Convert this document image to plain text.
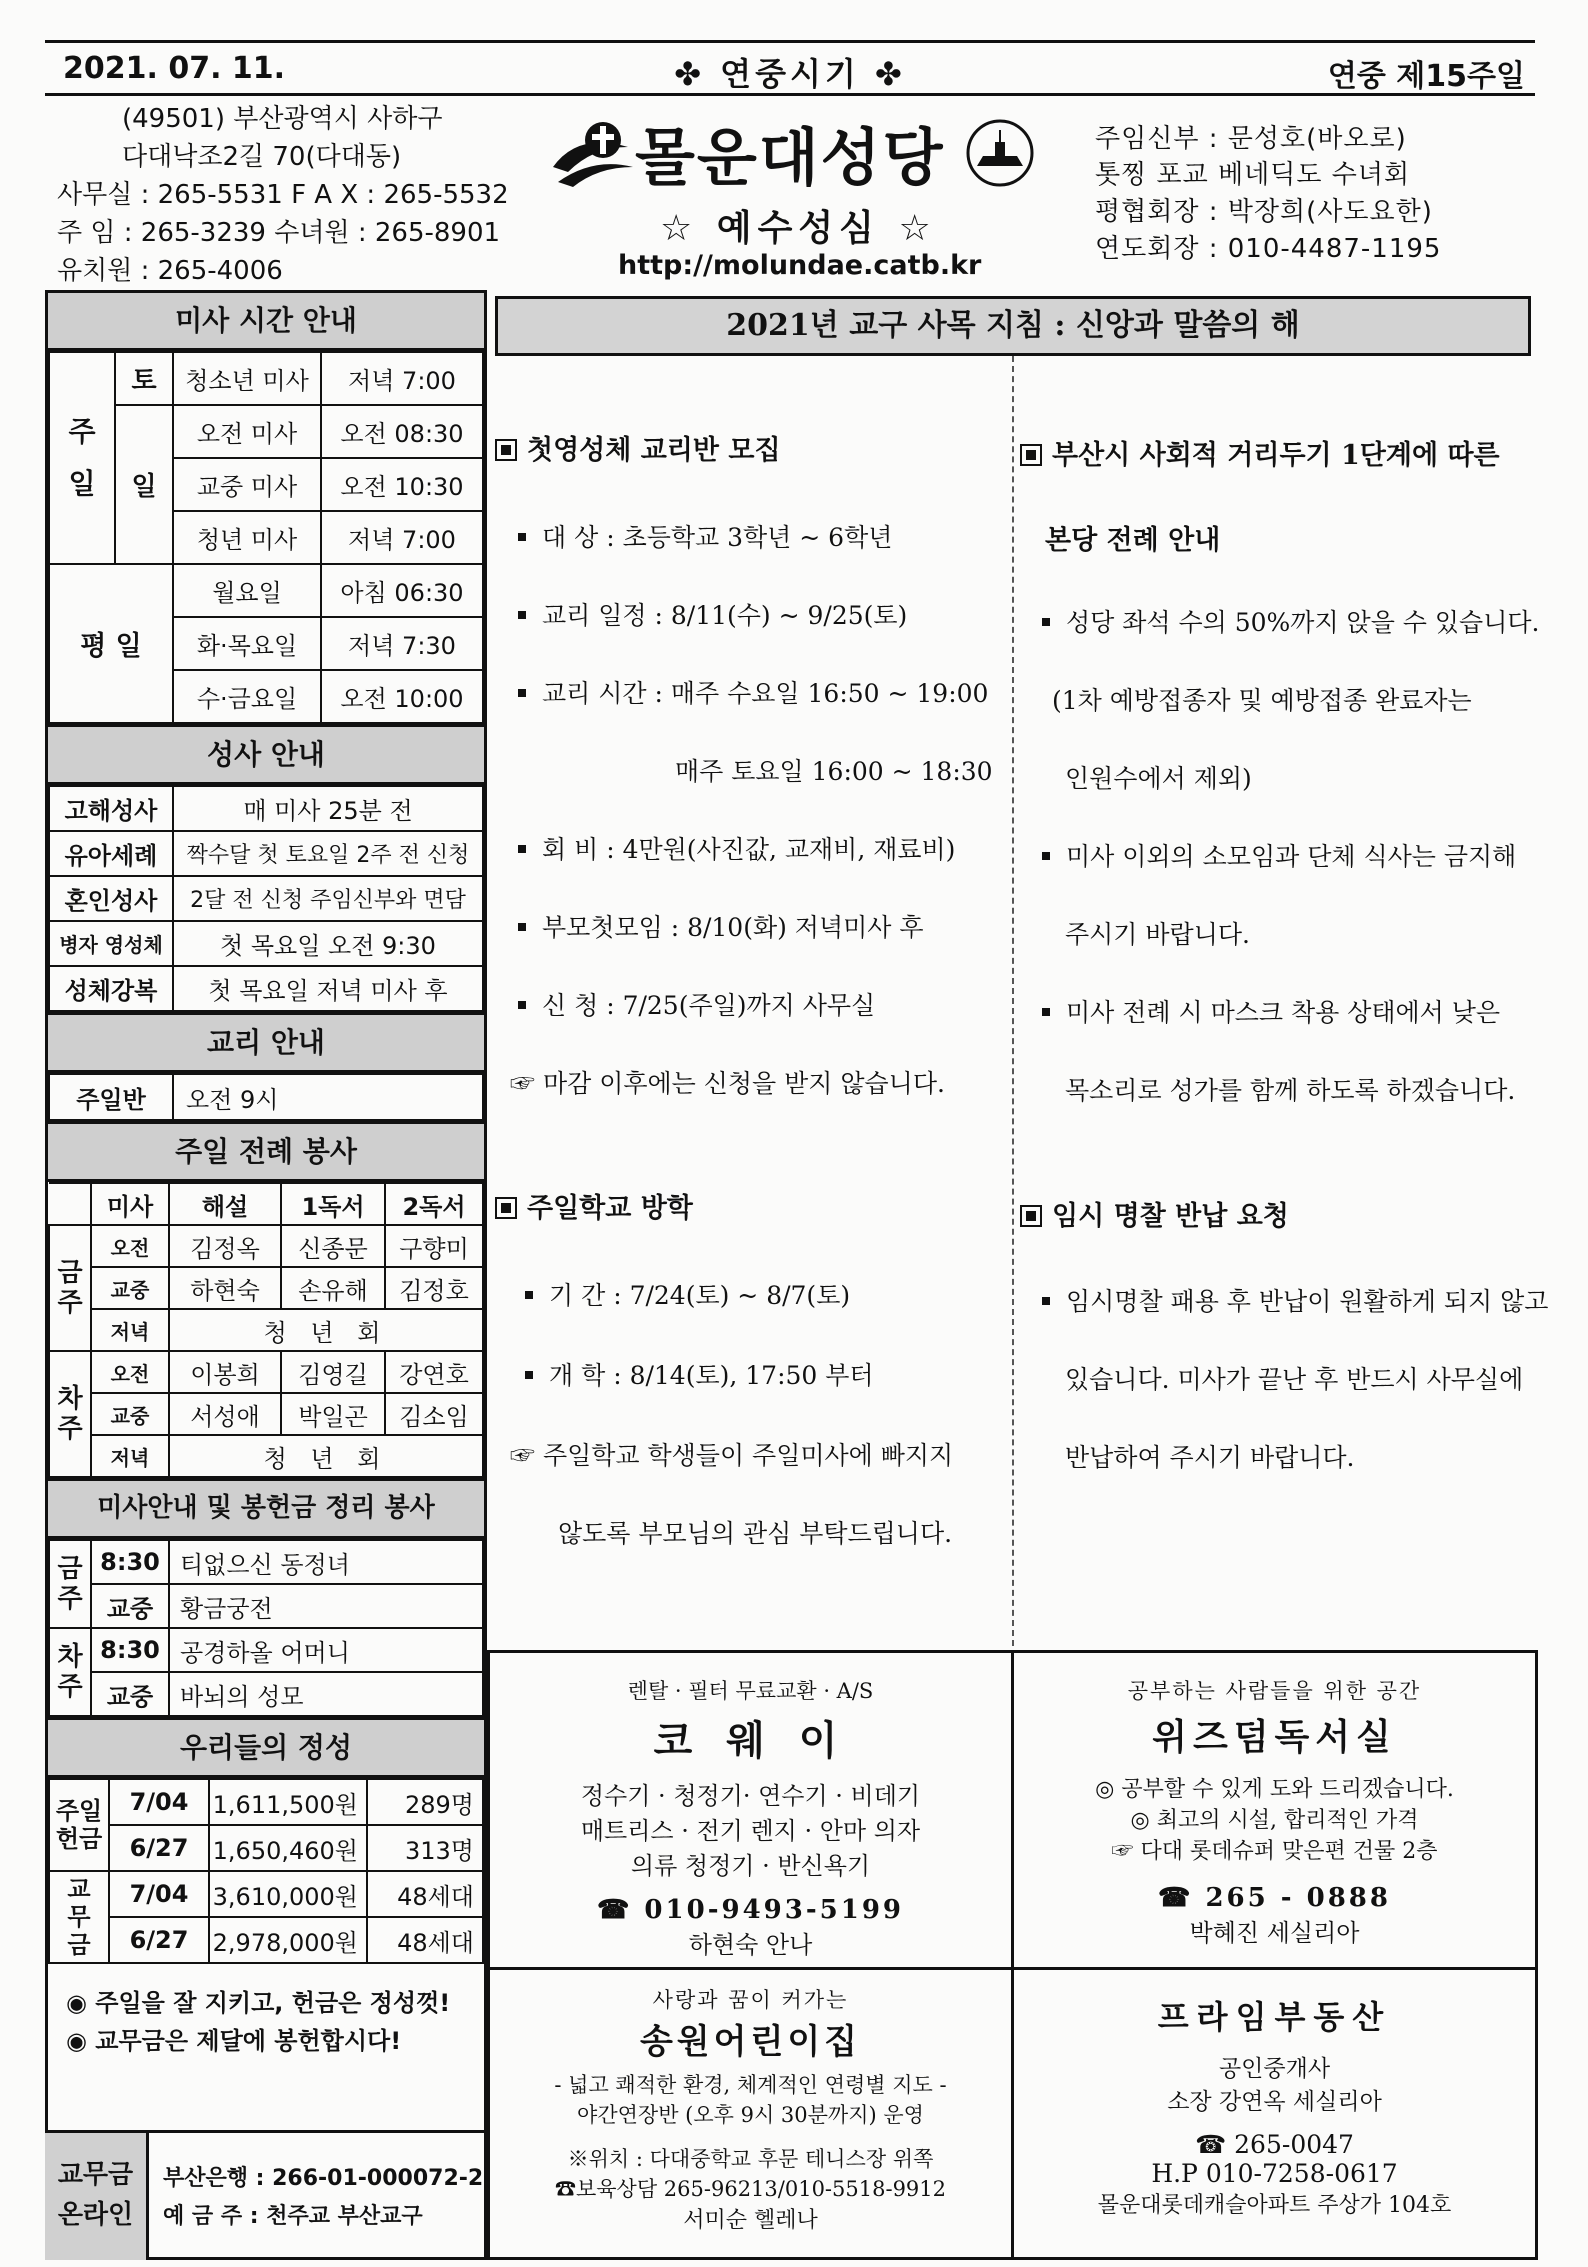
2021. 07. 11.	✤ 연중시기 ✤	연중 제15주일
(49501) 부산광역시 사하구
다대낙조2길 70(다대동)
사무실 : 265-5531 F A X : 265-5532
주 임 : 265-3239 수녀원 : 265-8901
유치원 : 265-4006
몰운대성당
☆ 예수성심 ☆
http://molundae.catb.kr
주임신부 : 문성호(바오로)
톳찡 포교 베네딕도 수녀회
평협회장 : 박장희(사도요한)
연도회장 : 010-4487-1195
미사 시간 안내
주
일	토	청소년 미사	저녁 7:00
	일	오전 미사	오전 08:30
		교중 미사	오전 10:30
		청년 미사	저녁 7:00
평 일		월요일	아침 06:30
		화·목요일	저녁 7:30
		수·금요일	오전 10:00
성사 안내
고해성사	매 미사 25분 전
유아세례	짝수달 첫 토요일 2주 전 신청
혼인성사	2달 전 신청 주임신부와 면담
병자 영성체	첫 목요일 오전 9:30
성체강복	첫 목요일 저녁 미사 후
교리 안내
주일반	오전 9시
주일 전례 봉사
	미사	해설	1독서	2독서
금주	오전	김정옥	신종문	구향미
	교중	하현숙	손유해	김정호
	저녁	청 년 회		
차주	오전	이봉희	김영길	강연호
	교중	서성애	박일곤	김소임
	저녁	청 년 회		
미사안내 및 봉헌금 정리 봉사
금주	8:30	티없으신 동정녀
	교중	황금궁전
차주	8:30	공경하올 어머니
	교중	바뇌의 성모
우리들의 정성
주일헌금	7/04	1,611,500원	289명
	6/27	1,650,460원	313명
교무금	7/04	3,610,000원	48세대
	6/27	2,978,000원	48세대
◉ 주일을 잘 지키고, 헌금은 정성껏!
◉ 교무금은 제달에 봉헌합시다!
교무금 온라인
부산은행 : 266-01-000072-2
예 금 주 : 천주교 부산교구
2021년 교구 사목 지침 : 신앙과 말씀의 해
첫영성체 교리반 모집
대 상 : 초등학교 3학년 ~ 6학년
교리 일정 : 8/11(수) ~ 9/25(토)
교리 시간 : 매주 수요일 16:50 ~ 19:00
매주 토요일 16:00 ~ 18:30
회 비 : 4만원(사진값, 교재비, 재료비)
부모첫모임 : 8/10(화) 저녁미사 후
신 청 : 7/25(주일)까지 사무실
☞ 마감 이후에는 신청을 받지 않습니다.
주일학교 방학
기 간 : 7/24(토) ~ 8/7(토)
개 학 : 8/14(토), 17:50 부터
☞ 주일학교 학생들이 주일미사에 빠지지
않도록 부모님의 관심 부탁드립니다.
부산시 사회적 거리두기 1단계에 따른
본당 전례 안내
성당 좌석 수의 50%까지 앉을 수 있습니다.
(1차 예방접종자 및 예방접종 완료자는
인원수에서 제외)
미사 이외의 소모임과 단체 식사는 금지해
주시기 바랍니다.
미사 전례 시 마스크 착용 상태에서 낮은
목소리로 성가를 함께 하도록 하겠습니다.
임시 명찰 반납 요청
임시명찰 패용 후 반납이 원활하게 되지 않고
있습니다. 미사가 끝난 후 반드시 사무실에
반납하여 주시기 바랍니다.
렌탈 · 필터 무료교환 · A/S
코 웨 이
정수기 · 청정기· 연수기 · 비데기
매트리스 · 전기 렌지 · 안마 의자
의류 청정기 · 반신욕기
☎ 010-9493-5199
하현숙 안나
공부하는 사람들을 위한 공간
위즈덤독서실
◎ 공부할 수 있게 도와 드리겠습니다.
◎ 최고의 시설, 합리적인 가격
☞ 다대 롯데슈퍼 맞은편 건물 2층
☎ 265 - 0888
박혜진 세실리아
사랑과 꿈이 커가는
송원어린이집
- 넓고 쾌적한 환경, 체계적인 연령별 지도 -
야간연장반 (오후 9시 30분까지) 운영
※위치 : 다대중학교 후문 테니스장 위쪽
☎보육상담 265-96213/010-5518-9912
서미순 헬레나
프라임부동산
공인중개사
소장 강연옥 세실리아
☎ 265-0047
H.P 010-7258-0617
몰운대롯데캐슬아파트 주상가 104호
